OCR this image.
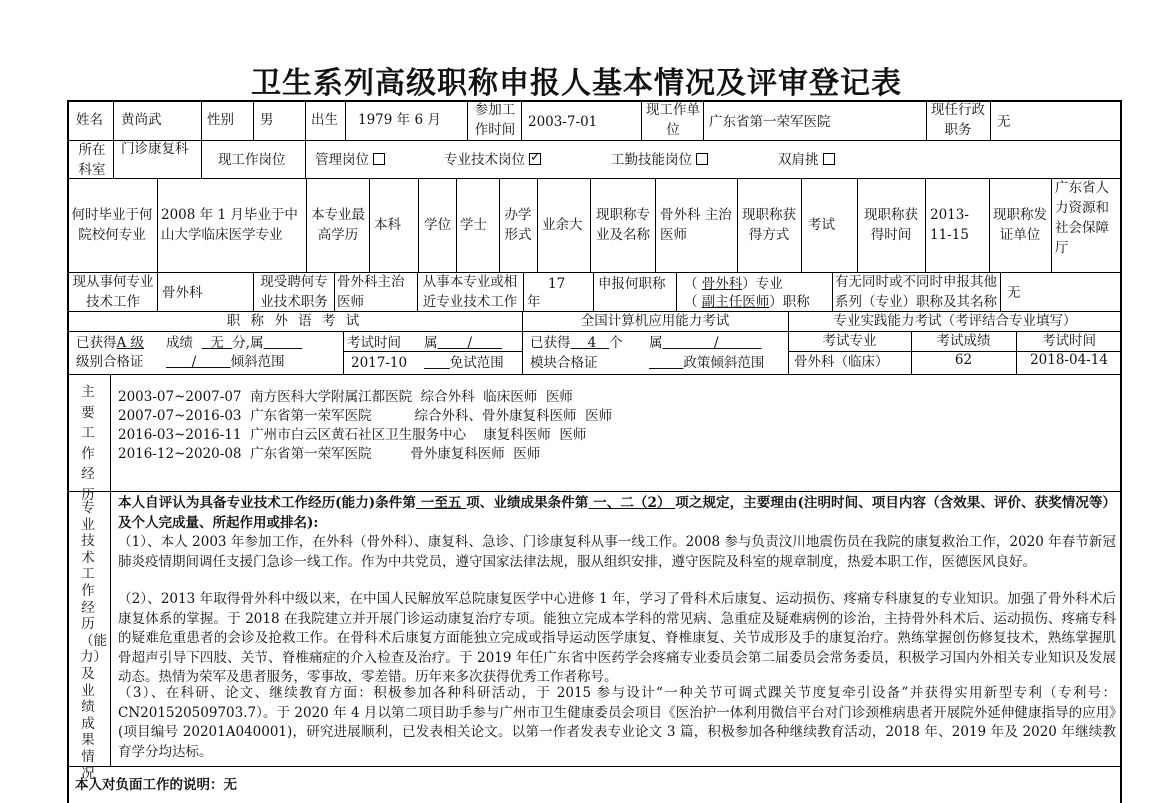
卫生系列高级职称申报人基本情况及评审登记表
姓名 黄尚武	性别 男	出生 1979 年 6 月
参加工作时间 2003-7-01
现工作单位	广东省第一荣军医院
现任行政职务	无
所在科室
门诊康复科
现工作岗位 管理岗位	专业技术岗位✓	工勤技能岗位	双肩挑
何时毕业于何院校何专业
2008 年 1 月毕业于中山大学临床医学专业
本专业最高学历
本科 学位 学士
办学形式
业余大
现职称专业及名称
骨外科 主治医师
现职称获得方式
考试
现职称获得时间
2013-11-15
现职称发证单位
广东省人力资源和社会保障厅
现从事何专业技术工作
骨外科
现受聘何专业技术职务
骨外科主治医师
从事本专业或相近专业技术工作
17
年
申报何职称 （ 骨外科）专业
（ 副主任医师）职称
有无同时或不同时申报其他系列（专业）职称及其名称
无
职 称 外 语 考 试	全国计算机应用能力考试	专业实践能力考试（考评结合专业填写）
已获得A 级
级别合格证
成绩 无 分,属
/        倾斜范围
考试时间
2017-10
属       /
免试范围
已获得 4 个
模块合格证
属            /
政策倾斜范围
考试专业	考试成绩	考试时间
骨外科（临床）	62	2018-04-14
主要工作经历
2003-07~2007-07  南方医科大学附属江都医院  综合外科  临床医师  医师
2007-07~2016-03  广东省第一荣军医院          综合外科、骨外康复科医师  医师
2016-03~2016-11  广州市白云区黄石社区卫生服务中心    康复科医师  医师
2016-12~2020-08  广东省第一荣军医院         骨外康复科医师  医师
专业技术工作经历（能力）及业绩成果情况
本人自评认为具备专业技术工作经历(能力)条件第 一至五 项、业绩成果条件第 一、二（2） 项之规定，主要理由(注明时间、项目内容（含效果、评价、获奖情况等）及个人完成量、所起作用或排名):
（1）、本人 2003 年参加工作，在外科（骨外科）、康复科、急诊、门诊康复科从事一线工作。2008 参与负责汶川地震伤员在我院的康复救治工作，2020 年春节新冠肺炎疫情期间调任支援门急诊一线工作。作为中共党员，遵守国家法律法规，服从组织安排，遵守医院及科室的规章制度，热爱本职工作，医德医风良好。
（2）、2013 年取得骨外科中级以来，在中国人民解放军总院康复医学中心进修 1 年，学习了骨科术后康复、运动损伤、疼痛专科康复的专业知识。加强了骨外科术后康复体系的掌握。于 2018 在我院建立并开展门诊运动康复治疗专项。能独立完成本学科的常见病、急重症及疑难病例的诊治，主持骨外科术后、运动损伤、疼痛专科的疑难危重患者的会诊及抢救工作。在骨科术后康复方面能独立完成或指导运动医学康复、脊椎康复、关节成形及手的康复治疗。熟练掌握创伤修复技术，熟练掌握肌骨超声引导下四肢、关节、脊椎痛症的介入检查及治疗。于 2019 年任广东省中医药学会疼痛专业委员会第二届委员会常务委员，积极学习国内外相关专业知识及发展动态。热情为荣军及患者服务，零事故，零差错。历年来多次获得优秀工作者称号。
（3）、在科研、论文、继续教育方面：积极参加各种科研活动，于 2015 参与设计“一种关节可调式踝关节度复牵引设备”并获得实用新型专利（专利号：CN201520509703.7）。于 2020 年 4 月以第二项目助手参与广州市卫生健康委员会项目《医治护一体利用微信平台对门诊颈椎病患者开展院外延伸健康指导的应用》(项目编号 20201A040001)，研究进展顺利，已发表相关论文。以第一作者发表专业论文 3 篇，积极参加各种继续教育活动，2018 年、2019 年及 2020 年继续教育学分均达标。
本人对负面工作的说明：无
